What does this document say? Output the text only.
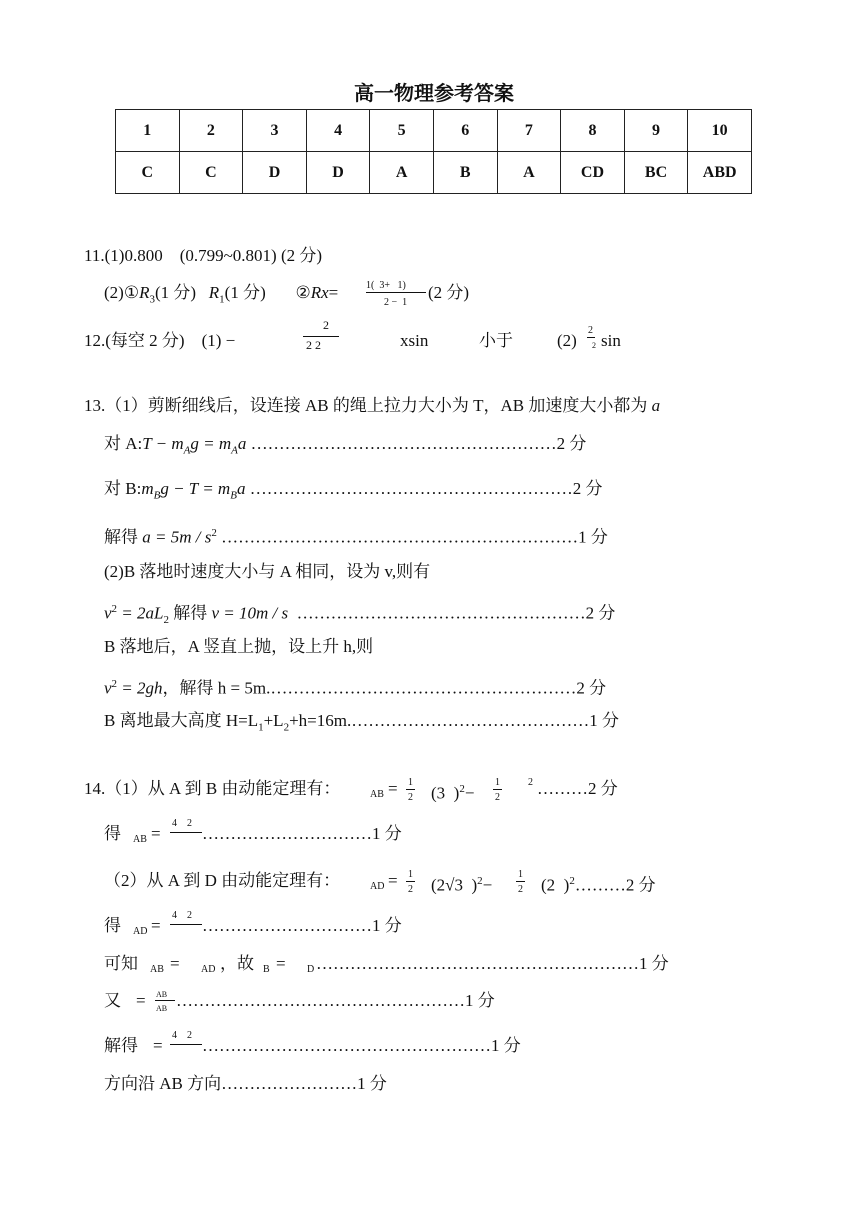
高一物理参考答案
1	2	3	4	5	6	7	8	9	10
C	C	D	D	A	B	A	CD	BC	ABD
11.(1)0.800    (0.799~0.801) (2 分)
$(2)①R_3(1$ 分)   $R_1(1$ 分)       ②Rx=	1(  3+   1)
2 −  1
(2 分)
12.(每空 2 分)    (1) −
2
2 2	xsin	小于	(2)
2
2 sin
13.（1）剪断细线后，设连接 AB 的绳上拉力大小为 T，AB 加速度大小都为 a
对 A:T − $m_Ag = m_Aa$ ………………………………………………2 分
对 $B:m_Bg - T = m_Ba$ …………………………………………………2 分
解得 $a = 5m / s^2$ ………………………………………………………1 分
(2)B 落地时速度大小与 A 相同，设为 v,则有
$v^2 = 2aL_2$ 解得 v = 10m / s  ……………………………………………2 分
B 落地后，A 竖直上抛，设上升 h,则
$v^2 = 2gh$，解得 h = 5m.………………………………………………2 分
B 离地最大高度 $H=L_1+L_2+h=16m.\dots\dots\dots\dots\dots\dots\dots\dots\dots\dots\dots\dots\dots\dots 1$ 分
14.（1）从 A 到 B 由动能定理有：	AB = 1
2 (3  )$^2$−
1
2
2 ………2 分
得 AB =
4    2
…………………………1 分
（2）从 A 到 D 由动能定理有：	AD = 1
2 (2√3  )$^2$−
1
2 (2  )$^2$………2 分
得 AD =
4    2
…………………………1 分
可知 AB = AD ，故 B = D …………………………………………………1 分
又 = AB
AB ……………………………………………1 分
解得 =
4    2
……………………………………………1 分
方向沿 AB 方向……………………1 分
